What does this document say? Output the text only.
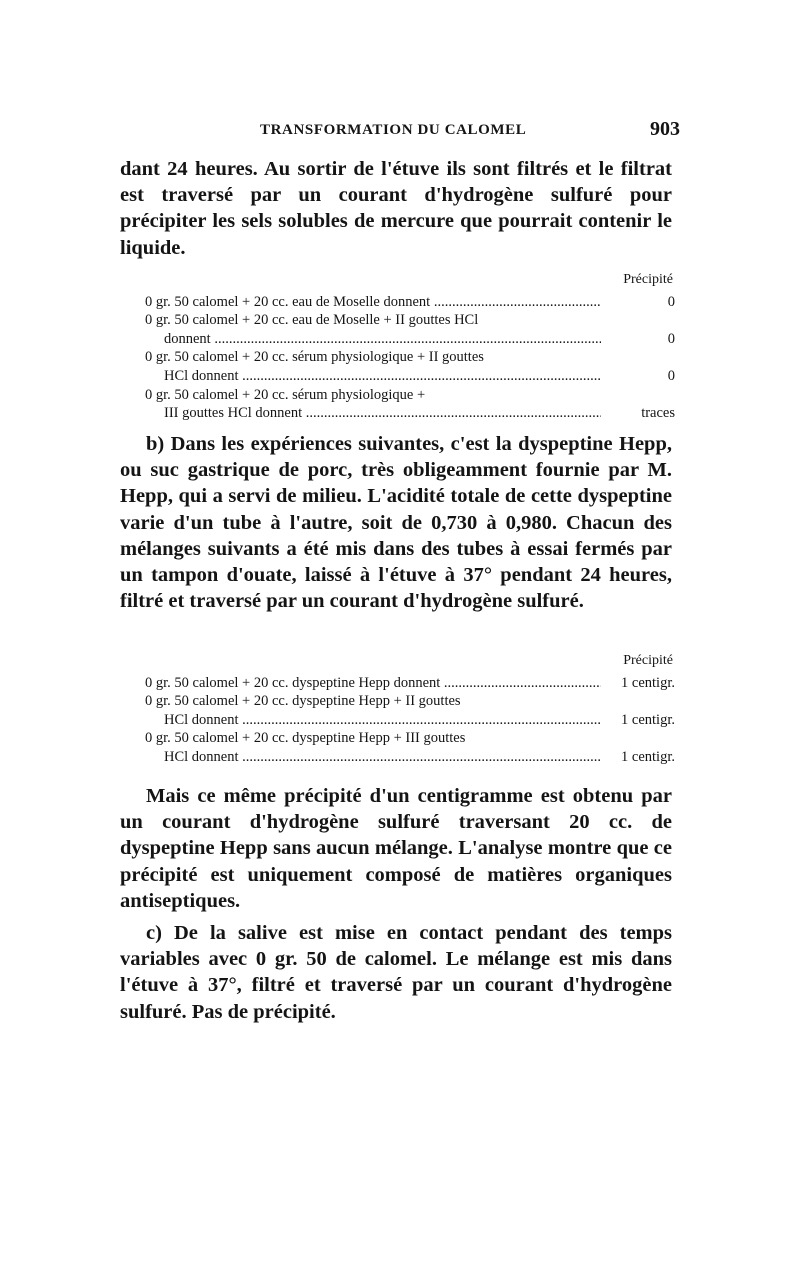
TRANSFORMATION DU CALOMEL	903

dant 24 heures. Au sortir de l'étuve ils sont filtrés et le filtrat est traversé par un courant d'hydrogène sulfuré pour précipiter les sels solubles de mercure que pourrait contenir le liquide.

Précipité
0 gr. 50 calomel + 20 cc. eau de Moselle donnent .....	0
0 gr. 50 calomel + 20 cc. eau de Moselle + II gouttes HCl
donnent .....	0
0 gr. 50 calomel + 20 cc. sérum physiologique + II gouttes
HCl donnent .....	0
0 gr. 50 calomel + 20 cc. sérum physiologique +
III gouttes HCl donnent .....	traces

b) Dans les expériences suivantes, c'est la dyspeptine Hepp, ou suc gastrique de porc, très obligeamment fournie par M. Hepp, qui a servi de milieu. L'acidité totale de cette dyspeptine varie d'un tube à l'autre, soit de 0,730 à 0,980. Chacun des mélanges suivants a été mis dans des tubes à essai fermés par un tampon d'ouate, laissé à l'étuve à 37° pendant 24 heures, filtré et traversé par un courant d'hydrogène sulfuré.

Précipité
0 gr. 50 calomel + 20 cc. dyspeptine Hepp donnent .....	1 centigr.
0 gr. 50 calomel + 20 cc. dyspeptine Hepp + II gouttes
HCl donnent .....	1 centigr.
0 gr. 50 calomel + 20 cc. dyspeptine Hepp + III gouttes
HCl donnent .....	1 centigr.

Mais ce même précipité d'un centigramme est obtenu par un courant d'hydrogène sulfuré traversant 20 cc. de dyspeptine Hepp sans aucun mélange. L'analyse montre que ce précipité est uniquement composé de matières organiques antiseptiques.

c) De la salive est mise en contact pendant des temps variables avec 0 gr. 50 de calomel. Le mélange est mis dans l'étuve à 37°, filtré et traversé par un courant d'hydrogène sulfuré. Pas de précipité.
